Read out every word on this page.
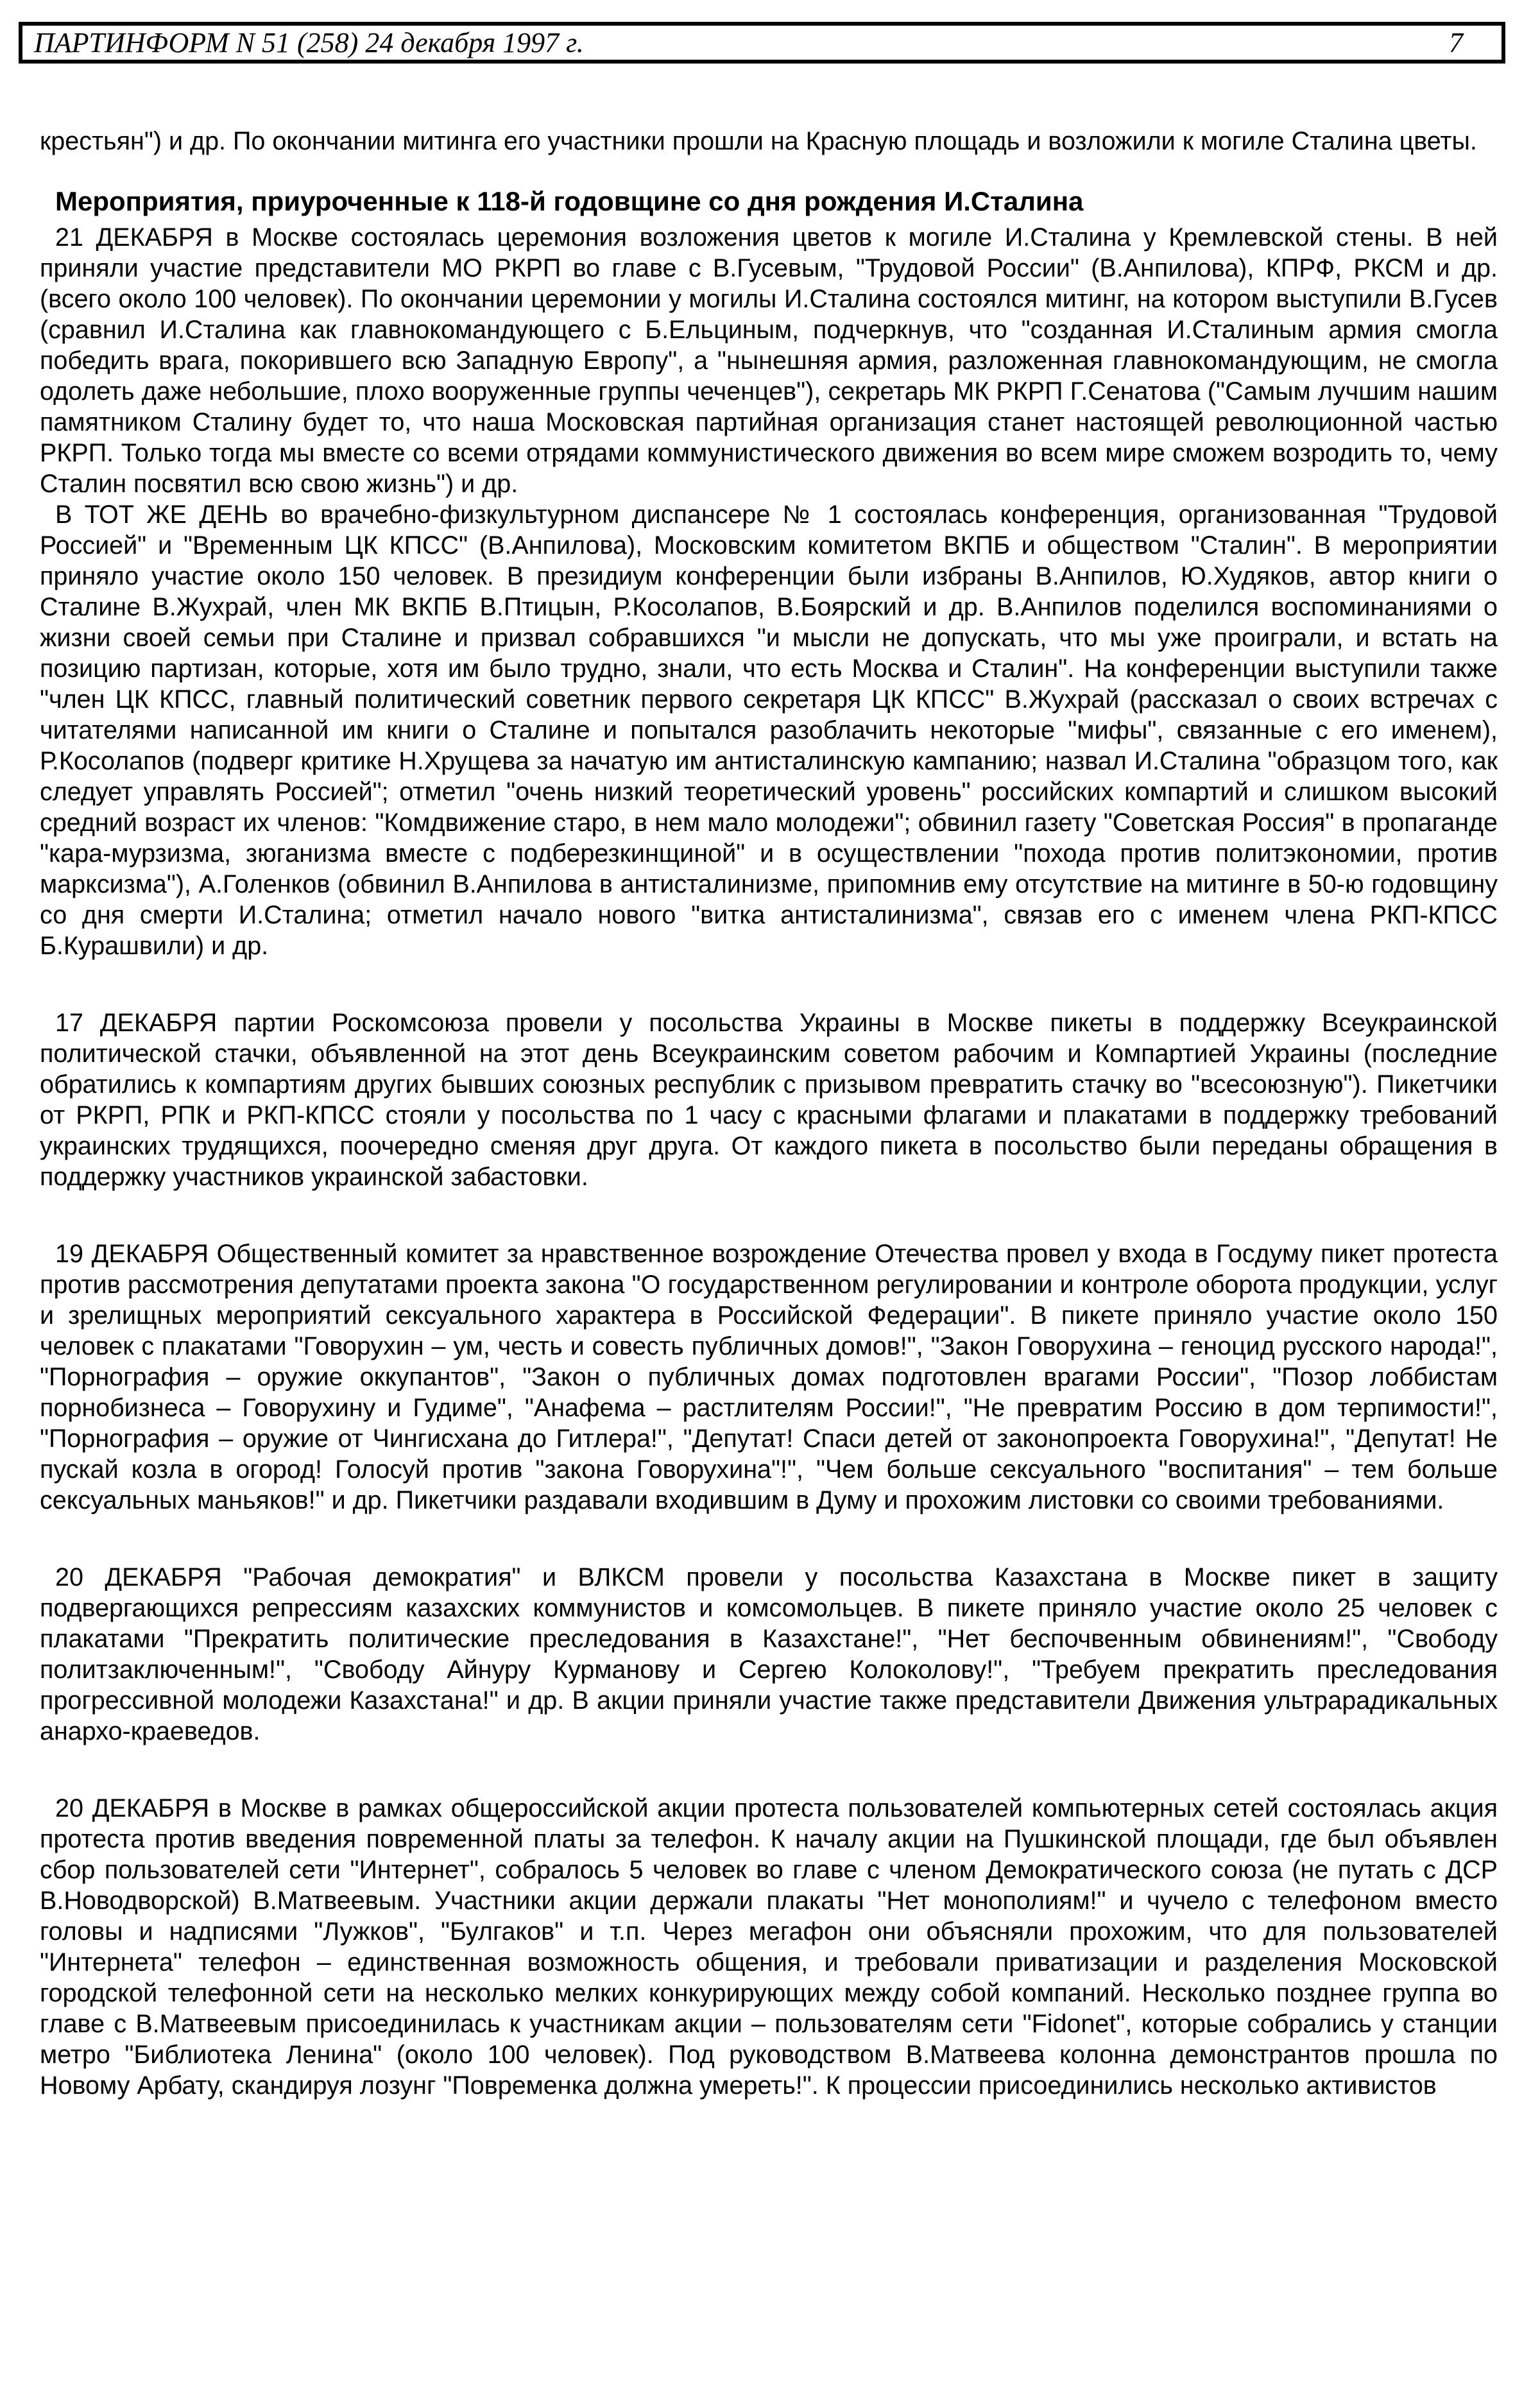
ПАРТИНФОРМ N 51 (258) 24 декабря 1997 г.	7

крестьян") и др. По окончании митинга его участники прошли на Красную площадь и возложили к могиле Сталина цветы.

Мероприятия, приуроченные к 118-й годовщине со дня рождения И.Сталина

21 ДЕКАБРЯ в Москве состоялась церемония возложения цветов к могиле И.Сталина у Кремлевской стены. В ней приняли участие представители МО РКРП во главе с В.Гусевым, "Трудовой России" (В.Анпилова), КПРФ, РКСМ и др. (всего около 100 человек). По окончании церемонии у могилы И.Сталина состоялся митинг, на котором выступили В.Гусев (сравнил И.Сталина как главнокомандующего с Б.Ельциным, подчеркнув, что "созданная И.Сталиным армия смогла победить врага, покорившего всю Западную Европу", а "нынешняя армия, разложенная главнокомандующим, не смогла одолеть даже небольшие, плохо вооруженные группы чеченцев"), секретарь МК РКРП Г.Сенатова ("Самым лучшим нашим памятником Сталину будет то, что наша Московская партийная организация станет настоящей революционной частью РКРП. Только тогда мы вместе со всеми отрядами коммунистического движения во всем мире сможем возродить то, чему Сталин посвятил всю свою жизнь") и др.

В ТОТ ЖЕ ДЕНЬ во врачебно-физкультурном диспансере № 1 состоялась конференция, организованная "Трудовой Россией" и "Временным ЦК КПСС" (В.Анпилова), Московским комитетом ВКПБ и обществом "Сталин". В мероприятии приняло участие около 150 человек. В президиум конференции были избраны В.Анпилов, Ю.Худяков, автор книги о Сталине В.Жухрай, член МК ВКПБ В.Птицын, Р.Косолапов, В.Боярский и др. В.Анпилов поделился воспоминаниями о жизни своей семьи при Сталине и призвал собравшихся "и мысли не допускать, что мы уже проиграли, и встать на позицию партизан, которые, хотя им было трудно, знали, что есть Москва и Сталин". На конференции выступили также "член ЦК КПСС, главный политический советник первого секретаря ЦК КПСС" В.Жухрай (рассказал о своих встречах с читателями написанной им книги о Сталине и попытался разоблачить некоторые "мифы", связанные с его именем), Р.Косолапов (подверг критике Н.Хрущева за начатую им антисталинскую кампанию; назвал И.Сталина "образцом того, как следует управлять Россией"; отметил "очень низкий теоретический уровень" российских компартий и слишком высокий средний возраст их членов: "Комдвижение старо, в нем мало молодежи"; обвинил газету "Советская Россия" в пропаганде "кара-мурзизма, зюганизма вместе с подберезкинщиной" и в осуществлении "похода против политэкономии, против марксизма"), А.Голенков (обвинил В.Анпилова в антисталинизме, припомнив ему отсутствие на митинге в 50-ю годовщину со дня смерти И.Сталина; отметил начало нового "витка антисталинизма", связав его с именем члена РКП-КПСС Б.Курашвили) и др.

17 ДЕКАБРЯ партии Роскомсоюза провели у посольства Украины в Москве пикеты в поддержку Всеукраинской политической стачки, объявленной на этот день Всеукраинским советом рабочим и Компартией Украины (последние обратились к компартиям других бывших союзных республик с призывом превратить стачку во "всесоюзную"). Пикетчики от РКРП, РПК и РКП-КПСС стояли у посольства по 1 часу с красными флагами и плакатами в поддержку требований украинских трудящихся, поочередно сменяя друг друга. От каждого пикета в посольство были переданы обращения в поддержку участников украинской забастовки.

19 ДЕКАБРЯ Общественный комитет за нравственное возрождение Отечества провел у входа в Госдуму пикет протеста против рассмотрения депутатами проекта закона "О государственном регулировании и контроле оборота продукции, услуг и зрелищных мероприятий сексуального характера в Российской Федерации". В пикете приняло участие около 150 человек с плакатами "Говорухин – ум, честь и совесть публичных домов!", "Закон Говорухина – геноцид русского народа!", "Порнография – оружие оккупантов", "Закон о публичных домах подготовлен врагами России", "Позор лоббистам порнобизнеса – Говорухину и Гудиме", "Анафема – растлителям России!", "Не превратим Россию в дом терпимости!", "Порнография – оружие от Чингисхана до Гитлера!", "Депутат! Спаси детей от законопроекта Говорухина!", "Депутат! Не пускай козла в огород! Голосуй против "закона Говорухина"!", "Чем больше сексуального "воспитания" – тем больше сексуальных маньяков!" и др. Пикетчики раздавали входившим в Думу и прохожим листовки со своими требованиями.

20 ДЕКАБРЯ "Рабочая демократия" и ВЛКСМ провели у посольства Казахстана в Москве пикет в защиту подвергающихся репрессиям казахских коммунистов и комсомольцев. В пикете приняло участие около 25 человек с плакатами "Прекратить политические преследования в Казахстане!", "Нет беспочвенным обвинениям!", "Свободу политзаключенным!", "Свободу Айнуру Курманову и Сергею Колоколову!", "Требуем прекратить преследования прогрессивной молодежи Казахстана!" и др. В акции приняли участие также представители Движения ультрарадикальных анархо-краеведов.

20 ДЕКАБРЯ в Москве в рамках общероссийской акции протеста пользователей компьютерных сетей состоялась акция протеста против введения повременной платы за телефон. К началу акции на Пушкинской площади, где был объявлен сбор пользователей сети "Интернет", собралось 5 человек во главе с членом Демократического союза (не путать с ДСР В.Новодворской) В.Матвеевым. Участники акции держали плакаты "Нет монополиям!" и чучело с телефоном вместо головы и надписями "Лужков", "Булгаков" и т.п. Через мегафон они объясняли прохожим, что для пользователей "Интернета" телефон – единственная возможность общения, и требовали приватизации и разделения Московской городской телефонной сети на несколько мелких конкурирующих между собой компаний. Несколько позднее группа во главе с В.Матвеевым присоединилась к участникам акции – пользователям сети "Fidonet", которые собрались у станции метро "Библиотека Ленина" (около 100 человек). Под руководством В.Матвеева колонна демонстрантов прошла по Новому Арбату, скандируя лозунг "Повременка должна умереть!". К процессии присоединились несколько активистов
